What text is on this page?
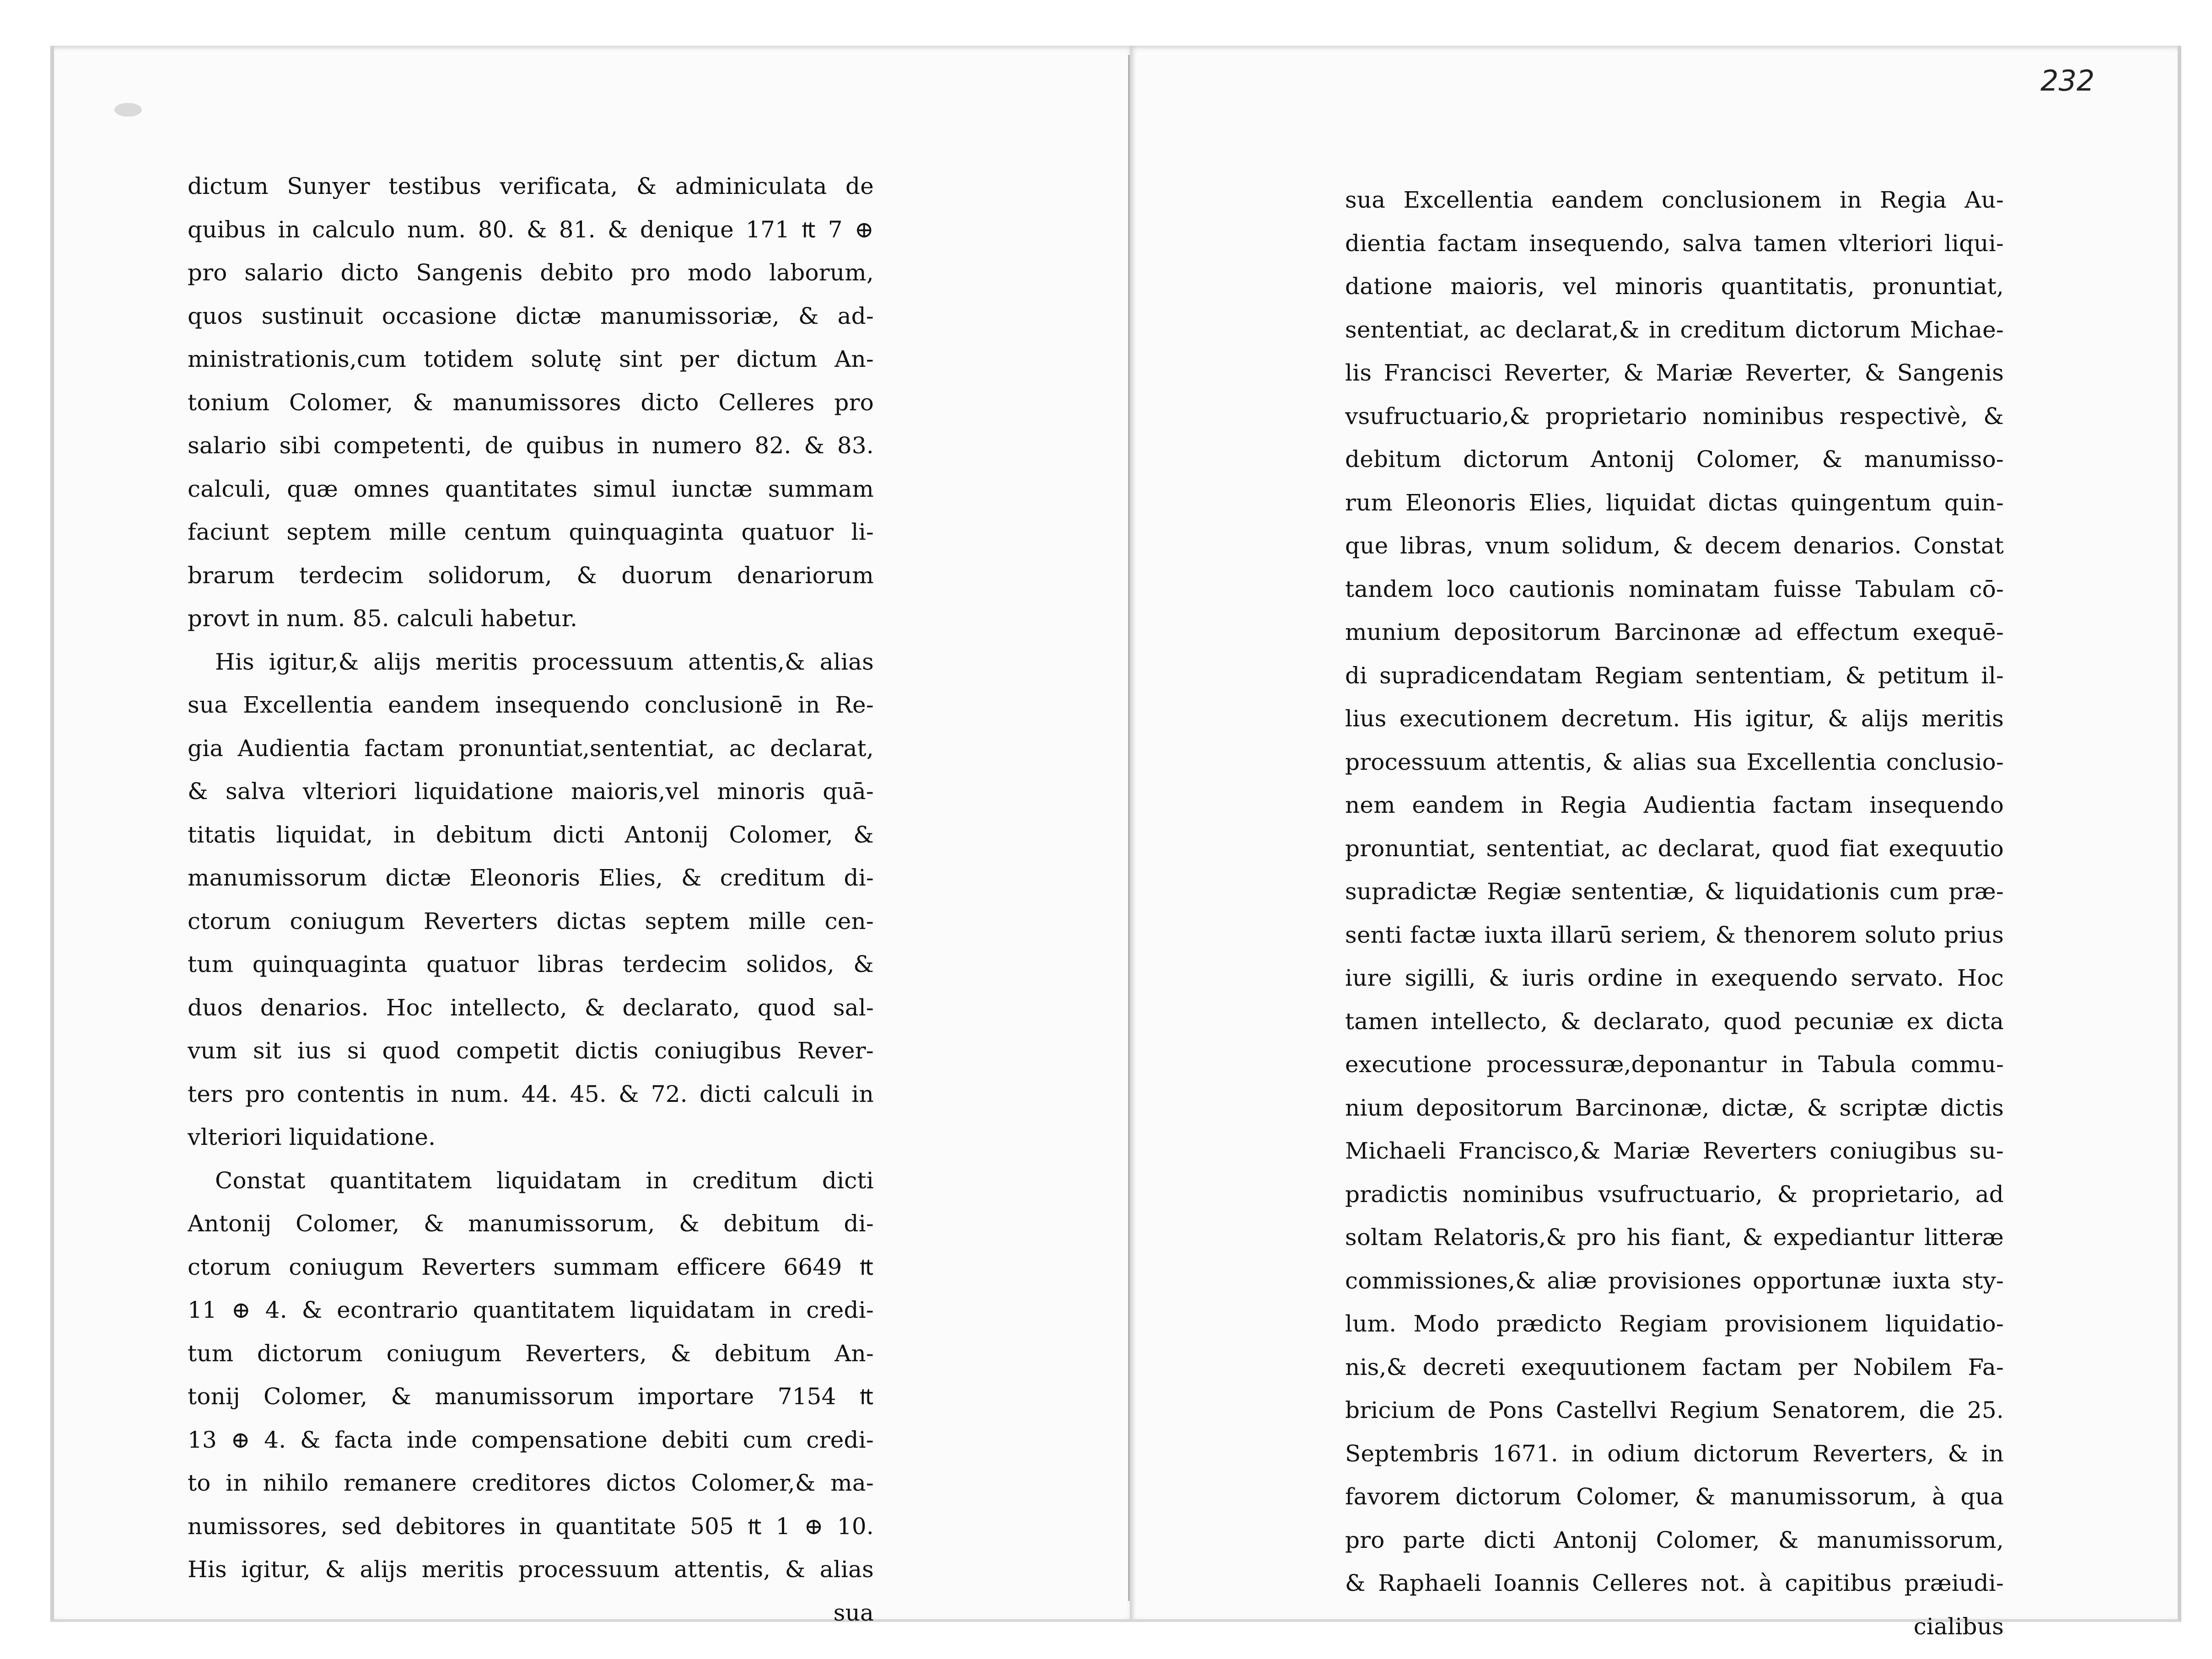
232
dictum Sunyer testibus verificata, & adminiculata de
quibus in calculo num. 80. & 81. & denique 171 ₶ 7 ⊕
pro salario dicto Sangenis debito pro modo laborum,
quos sustinuit occasione dictæ manumissoriæ, & ad-
ministrationis,cum totidem solutę sint per dictum An-
tonium Colomer, & manumissores dicto Celleres pro
salario sibi competenti, de quibus in numero 82. & 83.
calculi, quæ omnes quantitates simul iunctæ summam
faciunt septem mille centum quinquaginta quatuor li-
brarum terdecim solidorum, & duorum denariorum
provt in num. 85. calculi habetur.
His igitur,& alijs meritis processuum attentis,& alias
sua Excellentia eandem insequendo conclusionē in Re-
gia Audientia factam pronuntiat,sententiat, ac declarat,
& salva vlteriori liquidatione maioris,vel minoris quā-
titatis liquidat, in debitum dicti Antonij Colomer, &
manumissorum dictæ Eleonoris Elies, & creditum di-
ctorum coniugum Reverters dictas septem mille cen-
tum quinquaginta quatuor libras terdecim solidos, &
duos denarios. Hoc intellecto, & declarato, quod sal-
vum sit ius si quod competit dictis coniugibus Rever-
ters pro contentis in num. 44. 45. & 72. dicti calculi in
vlteriori liquidatione.
Constat quantitatem liquidatam in creditum dicti
Antonij Colomer, & manumissorum, & debitum di-
ctorum coniugum Reverters summam efficere 6649 ₶
11 ⊕ 4. & econtrario quantitatem liquidatam in credi-
tum dictorum coniugum Reverters, & debitum An-
tonij Colomer, & manumissorum importare 7154 ₶
13 ⊕ 4. & facta inde compensatione debiti cum credi-
to in nihilo remanere creditores dictos Colomer,& ma-
numissores, sed debitores in quantitate 505 ₶ 1 ⊕ 10.
His igitur, & alijs meritis processuum attentis, & alias
sua
sua Excellentia eandem conclusionem in Regia Au-
dientia factam insequendo, salva tamen vlteriori liqui-
datione maioris, vel minoris quantitatis, pronuntiat,
sententiat, ac declarat,& in creditum dictorum Michae-
lis Francisci Reverter, & Mariæ Reverter, & Sangenis
vsufructuario,& proprietario nominibus respectivè, &
debitum dictorum Antonij Colomer, & manumisso-
rum Eleonoris Elies, liquidat dictas quingentum quin-
que libras, vnum solidum, & decem denarios. Constat
tandem loco cautionis nominatam fuisse Tabulam cō-
munium depositorum Barcinonæ ad effectum exequē-
di supradicendatam Regiam sententiam, & petitum il-
lius executionem decretum. His igitur, & alijs meritis
processuum attentis, & alias sua Excellentia conclusio-
nem eandem in Regia Audientia factam insequendo
pronuntiat, sententiat, ac declarat, quod fiat exequutio
supradictæ Regiæ sententiæ, & liquidationis cum præ-
senti factæ iuxta illarū seriem, & thenorem soluto prius
iure sigilli, & iuris ordine in exequendo servato. Hoc
tamen intellecto, & declarato, quod pecuniæ ex dicta
executione processuræ,deponantur in Tabula commu-
nium depositorum Barcinonæ, dictæ, & scriptæ dictis
Michaeli Francisco,& Mariæ Reverters coniugibus su-
pradictis nominibus vsufructuario, & proprietario, ad
soltam Relatoris,& pro his fiant, & expediantur litteræ
commissiones,& aliæ provisiones opportunæ iuxta sty-
lum. Modo prædicto Regiam provisionem liquidatio-
nis,& decreti exequutionem factam per Nobilem Fa-
bricium de Pons Castellvi Regium Senatorem, die 25.
Septembris 1671. in odium dictorum Reverters, & in
favorem dictorum Colomer, & manumissorum, à qua
pro parte dicti Antonij Colomer, & manumissorum,
& Raphaeli Ioannis Celleres not. à capitibus præiudi-
cialibus
